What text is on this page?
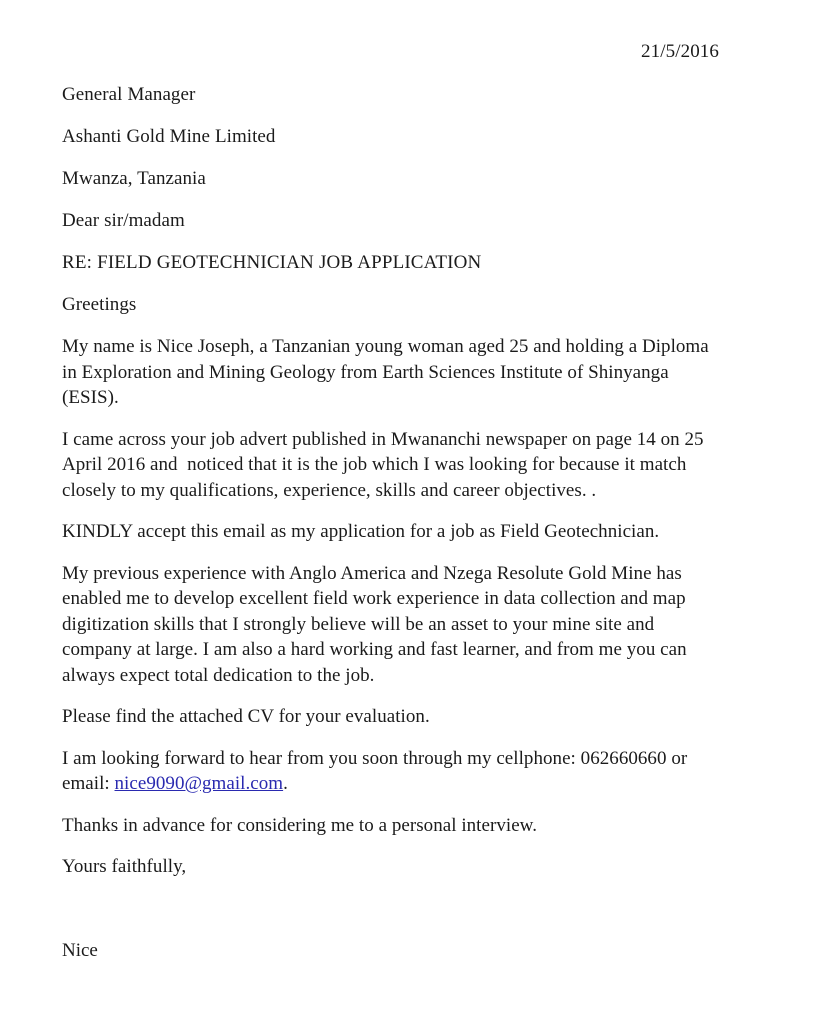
21/5/2016
General Manager
Ashanti Gold Mine Limited
Mwanza, Tanzania
Dear sir/madam
RE: FIELD GEOTECHNICIAN JOB APPLICATION
Greetings

My name is Nice Joseph, a Tanzanian young woman aged 25 and holding a Diploma in Exploration and Mining Geology from Earth Sciences Institute of Shinyanga (ESIS).

I came across your job advert published in Mwananchi newspaper on page 14 on 25 April 2016 and  noticed that it is the job which I was looking for because it match closely to my qualifications, experience, skills and career objectives. .

KINDLY accept this email as my application for a job as Field Geotechnician.

My previous experience with Anglo America and Nzega Resolute Gold Mine has enabled me to develop excellent field work experience in data collection and map digitization skills that I strongly believe will be an asset to your mine site and company at large. I am also a hard working and fast learner, and from me you can always expect total dedication to the job.

Please find the attached CV for your evaluation.

I am looking forward to hear from you soon through my cellphone: 062660660 or email: nice9090@gmail.com.

Thanks in advance for considering me to a personal interview.

Yours faithfully,

Nice
